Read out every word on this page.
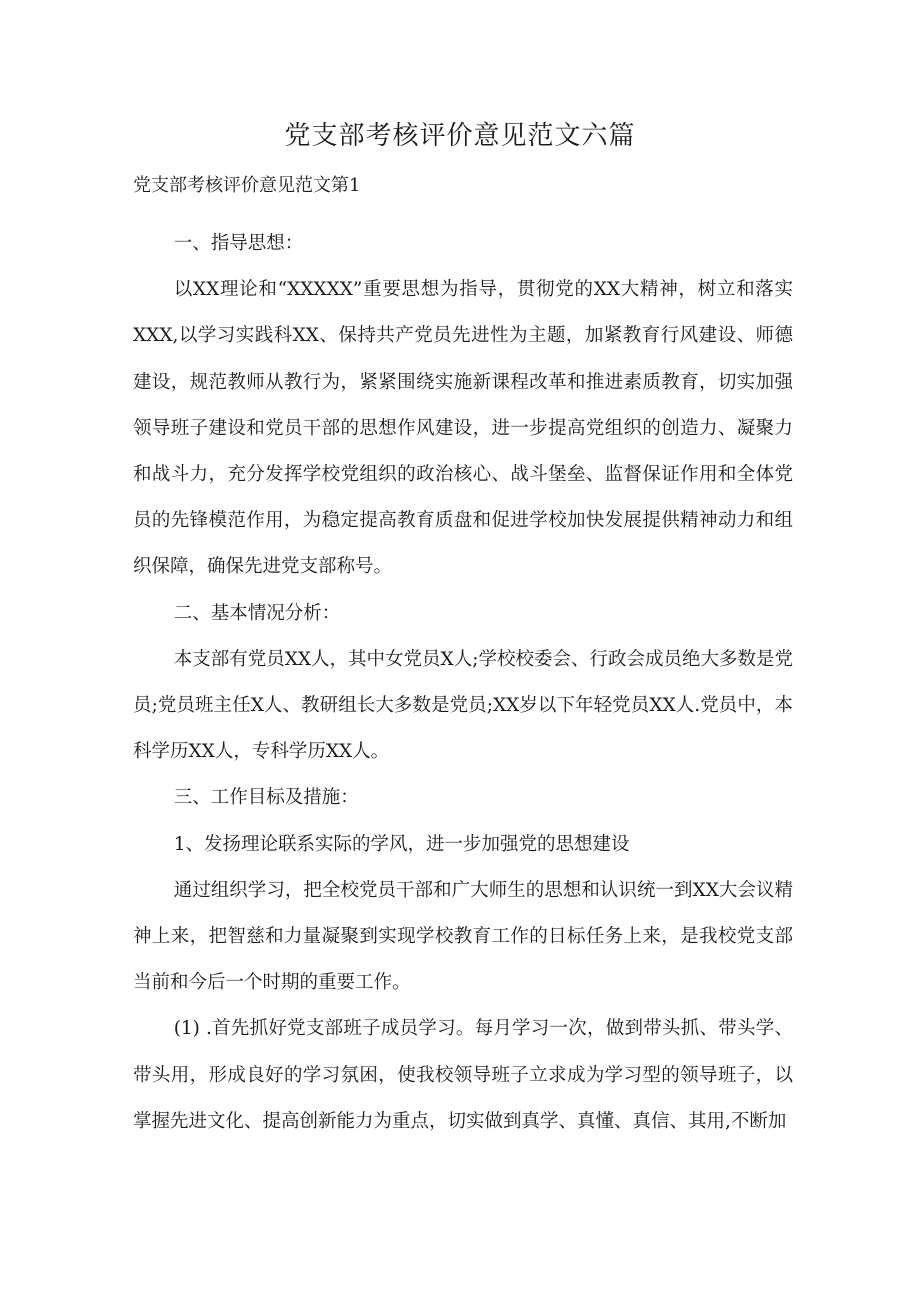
党支部考核评价意见范文六篇
党支部考核评价意见范文第1

一、指导思想：

以XX理论和“XXXXX”重要思想为指导，贯彻党的XX大精神，树立和落实XXX,以学习实践科XX、保持共产党员先进性为主题，加紧教育行风建设、师德建设，规范教师从教行为，紧紧围绕实施新课程改革和推进素质教育，切实加强领导班子建设和党员干部的思想作风建设，进一步提高党组织的创造力、凝聚力和战斗力，充分发挥学校党组织的政治核心、战斗堡垒、监督保证作用和全体党员的先锋模范作用，为稳定提高教育质盘和促进学校加快发展提供精神动力和组织保障，确保先进党支部称号。

二、基本情况分析：

本支部有党员XX人，其中女党员X人;学校校委会、行政会成员绝大多数是党员;党员班主任X人、教研组长大多数是党员;XX岁以下年轻党员XX人.党员中，本科学历XX人，专科学历XX人。

三、工作目标及措施：

1、发扬理论联系实际的学风，进一步加强党的思想建设

通过组织学习，把全校党员干部和广大师生的思想和认识统一到XX大会议精神上来，把智慈和力量凝聚到实现学校教育工作的日标任务上来，是我校党支部当前和今后一个时期的重要工作。

(1) .首先抓好党支部班子成员学习。每月学习一次，做到带头抓、带头学、带头用，形成良好的学习氛困，使我校领导班子立求成为学习型的领导班子，以掌握先进文化、提高创新能力为重点，切实做到真学、真懂、真信、其用,不断加
